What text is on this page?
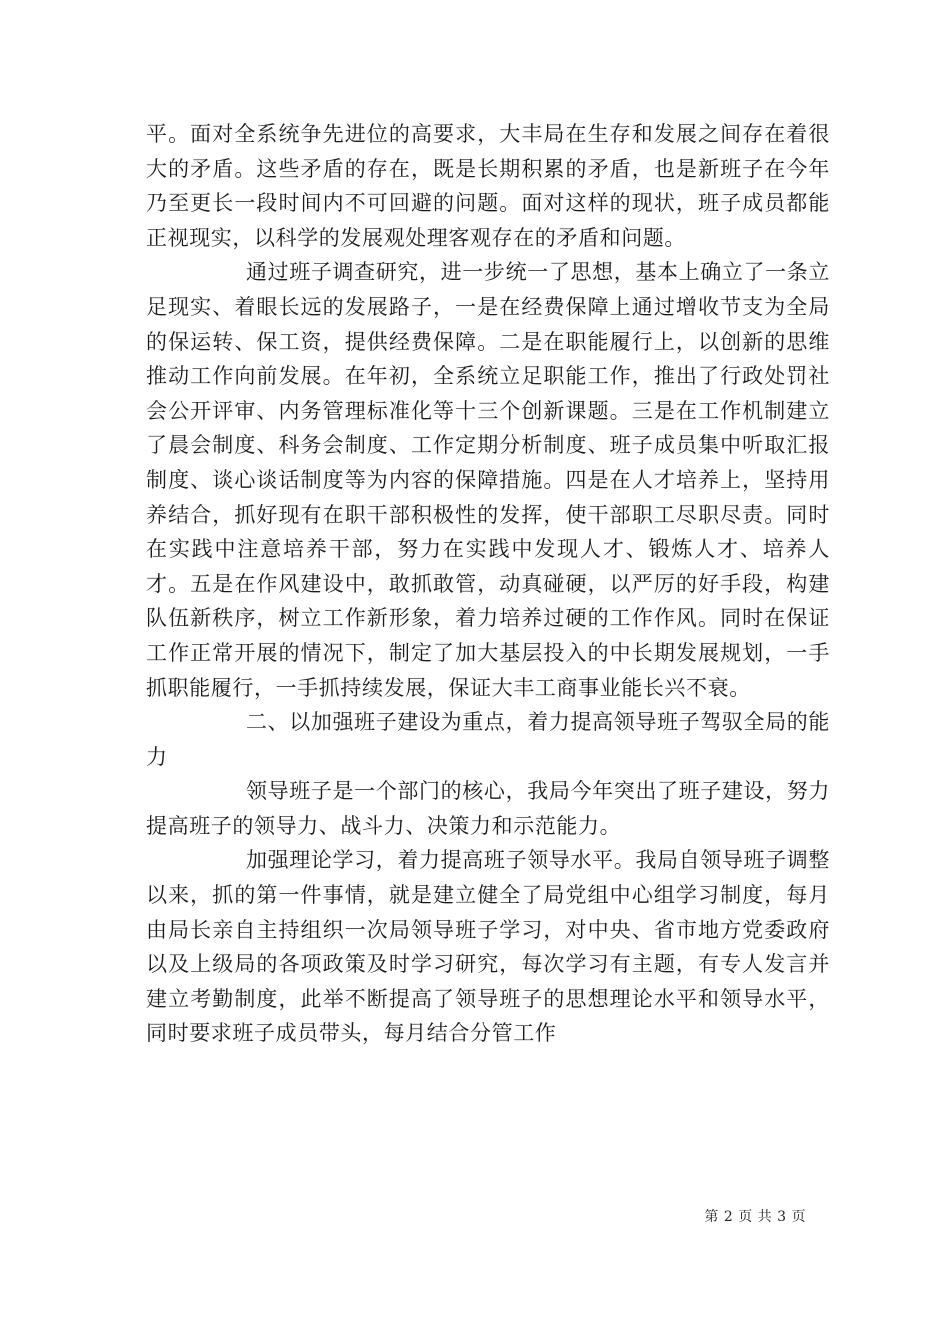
平。面对全系统争先进位的高要求，大丰局在生存和发展之间存在着很大的矛盾。这些矛盾的存在，既是长期积累的矛盾，也是新班子在今年乃至更长一段时间内不可回避的问题。面对这样的现状，班子成员都能正视现实，以科学的发展观处理客观存在的矛盾和问题。

通过班子调查研究，进一步统一了思想，基本上确立了一条立足现实、着眼长远的发展路子，一是在经费保障上通过增收节支为全局的保运转、保工资，提供经费保障。二是在职能履行上，以创新的思维推动工作向前发展。在年初，全系统立足职能工作，推出了行政处罚社会公开评审、内务管理标准化等十三个创新课题。三是在工作机制建立了晨会制度、科务会制度、工作定期分析制度、班子成员集中听取汇报制度、谈心谈话制度等为内容的保障措施。四是在人才培养上，坚持用养结合，抓好现有在职干部积极性的发挥，使干部职工尽职尽责。同时在实践中注意培养干部，努力在实践中发现人才、锻炼人才、培养人才。五是在作风建设中，敢抓敢管，动真碰硬，以严厉的好手段，构建队伍新秩序，树立工作新形象，着力培养过硬的工作作风。同时在保证工作正常开展的情况下，制定了加大基层投入的中长期发展规划，一手抓职能履行，一手抓持续发展，保证大丰工商事业能长兴不衰。

二、以加强班子建设为重点，着力提高领导班子驾驭全局的能力

领导班子是一个部门的核心，我局今年突出了班子建设，努力提高班子的领导力、战斗力、决策力和示范能力。

加强理论学习，着力提高班子领导水平。我局自领导班子调整以来，抓的第一件事情，就是建立健全了局党组中心组学习制度，每月由局长亲自主持组织一次局领导班子学习，对中央、省市地方党委政府以及上级局的各项政策及时学习研究，每次学习有主题，有专人发言并建立考勤制度，此举不断提高了领导班子的思想理论水平和领导水平，同时要求班子成员带头，每月结合分管工作

第 2 页 共 3 页
